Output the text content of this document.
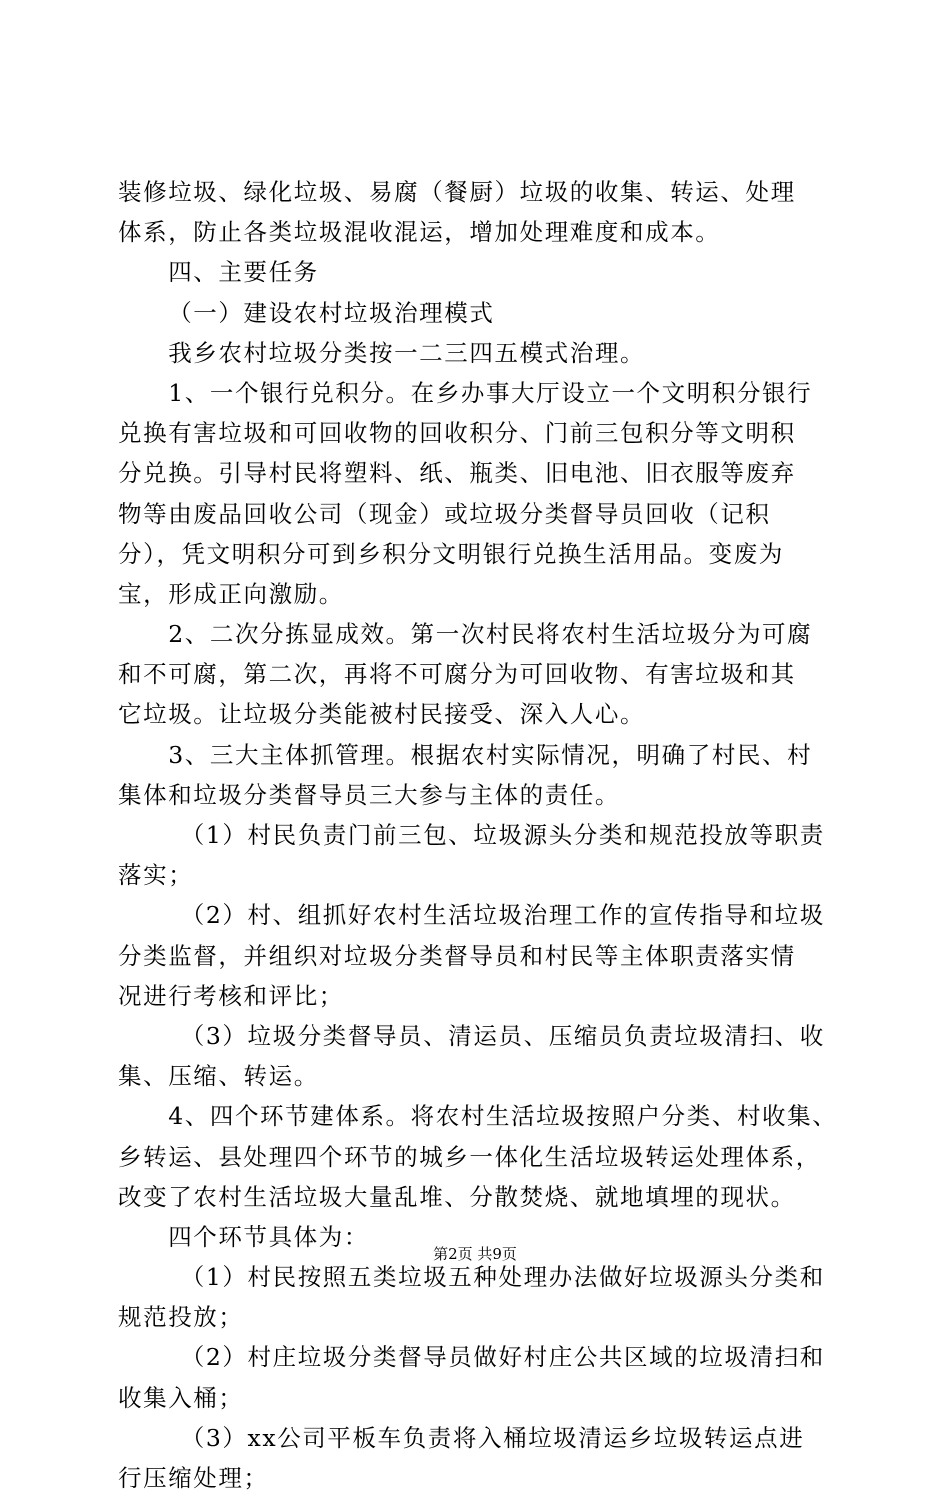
装修垃圾、绿化垃圾、易腐（餐厨）垃圾的收集、转运、处理
体系，防止各类垃圾混收混运，增加处理难度和成本。
四、主要任务
（一）建设农村垃圾治理模式
我乡农村垃圾分类按一二三四五模式治理。
1、一个银行兑积分。在乡办事大厅设立一个文明积分银行
兑换有害垃圾和可回收物的回收积分、门前三包积分等文明积
分兑换。引导村民将塑料、纸、瓶类、旧电池、旧衣服等废弃
物等由废品回收公司（现金）或垃圾分类督导员回收（记积
分），凭文明积分可到乡积分文明银行兑换生活用品。变废为
宝，形成正向激励。
2、二次分拣显成效。第一次村民将农村生活垃圾分为可腐
和不可腐，第二次，再将不可腐分为可回收物、有害垃圾和其
它垃圾。让垃圾分类能被村民接受、深入人心。
3、三大主体抓管理。根据农村实际情况，明确了村民、村
集体和垃圾分类督导员三大参与主体的责任。
（1）村民负责门前三包、垃圾源头分类和规范投放等职责
落实；
（2）村、组抓好农村生活垃圾治理工作的宣传指导和垃圾
分类监督，并组织对垃圾分类督导员和村民等主体职责落实情
况进行考核和评比；
（3）垃圾分类督导员、清运员、压缩员负责垃圾清扫、收
集、压缩、转运。
4、四个环节建体系。将农村生活垃圾按照户分类、村收集、
乡转运、县处理四个环节的城乡一体化生活垃圾转运处理体系，
改变了农村生活垃圾大量乱堆、分散焚烧、就地填埋的现状。
四个环节具体为：
（1）村民按照五类垃圾五种处理办法做好垃圾源头分类和
规范投放；
（2）村庄垃圾分类督导员做好村庄公共区域的垃圾清扫和
收集入桶；
（3）xx公司平板车负责将入桶垃圾清运乡垃圾转运点进
行压缩处理；
第2页 共9页
